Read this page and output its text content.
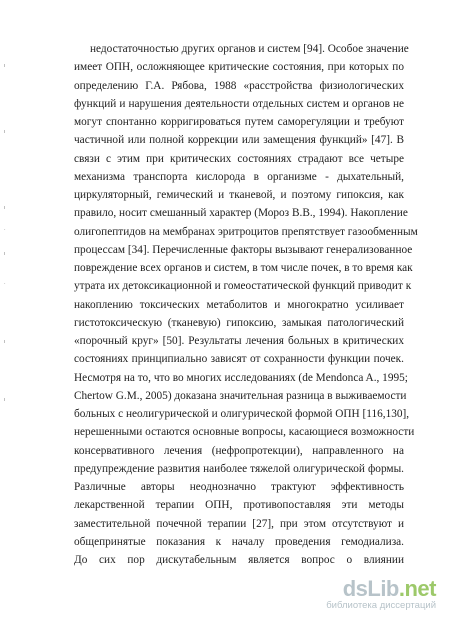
ı
ı
ı
·
ı
·
ı
ı
недостаточностью других органов и систем [94]. Особое значение
имеет ОПН, осложняющее критические состояния, при которых по
определению Г.А. Рябова, 1988 «расстройства физиологических
функций и нарушения деятельности отдельных систем и органов не
могут спонтанно корригироваться путем саморегуляции и требуют
частичной или полной коррекции или замещения функций» [47]. В
связи с этим при критических состояниях страдают все четыре
механизма транспорта кислорода в организме - дыхательный,
циркуляторный, гемический и тканевой, и поэтому гипоксия, как
правило, носит смешанный характер (Мороз В.В., 1994). Накопление
олигопептидов на мембранах эритроцитов препятствует газообменным
процессам [34]. Перечисленные факторы вызывают генерализованное
повреждение всех органов и систем, в том числе почек, в то время как
утрата их детоксикационной и гомеостатической функций приводит к
накоплению токсических метаболитов и многократно усиливает
гистотоксическую (тканевую) гипоксию, замыкая патологический
«порочный круг» [50]. Результаты лечения больных в критических
состояниях принципиально зависят от сохранности функции почек.
Несмотря на то, что во многих исследованиях (de Mendonca A., 1995;
Chertow G.M., 2005) доказана значительная разница в выживаемости
больных с неолигурической и олигурической формой ОПН [116,130],
нерешенными остаются основные вопросы, касающиеся возможности
консервативного лечения (нефропротекции), направленного на
предупреждение развития наиболее тяжелой олигурической формы.
Различные авторы неоднозначно трактуют эффективность
лекарственной терапии ОПН, противопоставляя эти методы
заместительной почечной терапии [27], при этом отсутствуют и
общепринятые показания к началу проведения гемодиализа.
До сих пор дискутабельным является вопрос о влиянии
dsLib.net
библиотека диссертаций
